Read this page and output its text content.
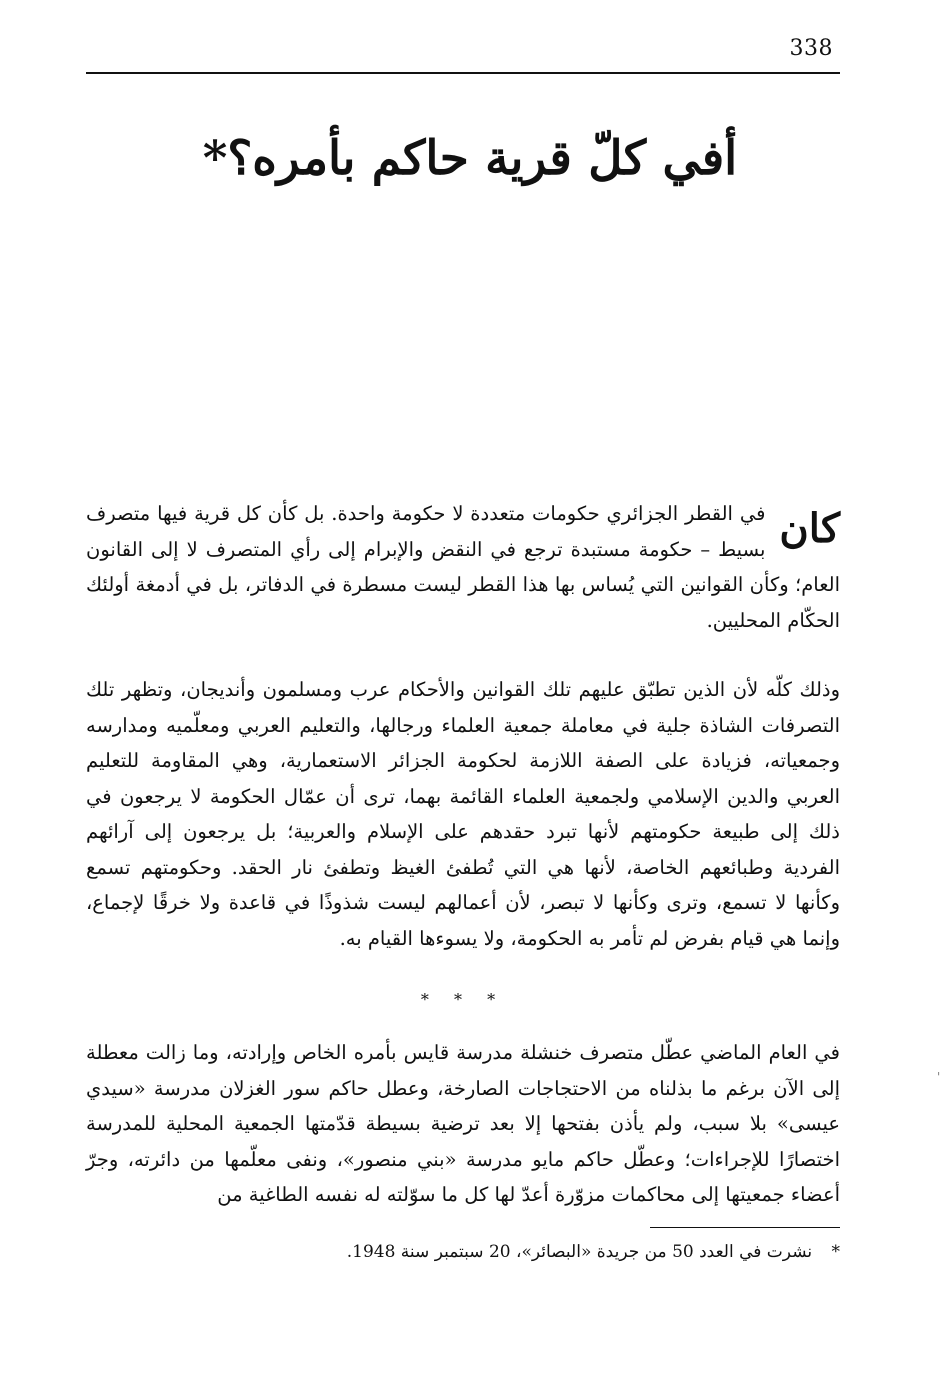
338
أفي كلّ قرية حاكم بأمره؟*

كان
في القطر الجزائري حكومات متعددة لا حكومة واحدة. بل كأن كل قرية فيها متصرف بسيط – حكومة مستبدة ترجع في النقض والإبرام إلى رأي المتصرف لا إلى القانون العام؛ وكأن القوانين التي يُساس بها هذا القطر ليست مسطرة في الدفاتر، بل في أدمغة أولئك الحكّام المحليين.

وذلك كلّه لأن الذين تطبّق عليهم تلك القوانين والأحكام عرب ومسلمون وأنديجان، وتظهر تلك التصرفات الشاذة جلية في معاملة جمعية العلماء ورجالها، والتعليم العربي ومعلّميه ومدارسه وجمعياته، فزيادة على الصفة اللازمة لحكومة الجزائر الاستعمارية، وهي المقاومة للتعليم العربي والدين الإسلامي ولجمعية العلماء القائمة بهما، ترى أن عمّال الحكومة لا يرجعون في ذلك إلى طبيعة حكومتهم لأنها تبرد حقدهم على الإسلام والعربية؛ بل يرجعون إلى آرائهم الفردية وطبائعهم الخاصة، لأنها هي التي تُطفئ الغيظ وتطفئ نار الحقد. وحكومتهم تسمع وكأنها لا تسمع، وترى وكأنها لا تبصر، لأن أعمالهم ليست شذوذًا في قاعدة ولا خرقًا لإجماع، وإنما هي قيام بفرض لم تأمر به الحكومة، ولا يسوءها القيام به.

* * *

في العام الماضي عطّل متصرف خنشلة مدرسة قايس بأمره الخاص وإرادته، وما زالت معطلة إلى الآن برغم ما بذلناه من الاحتجاجات الصارخة، وعطل حاكم سور الغزلان مدرسة «سيدي عيسى» بلا سبب، ولم يأذن بفتحها إلا بعد ترضية بسيطة قدّمتها الجمعية المحلية للمدرسة اختصارًا للإجراءات؛ وعطّل حاكم مايو مدرسة «بني منصور»، ونفى معلّمها من دائرته، وجرّ أعضاء جمعيتها إلى محاكمات مزوّرة أعدّ لها كل ما سوّلته له نفسه الطاغية من

* نشرت في العدد 50 من جريدة «البصائر»، 20 سبتمبر سنة 1948.
'
